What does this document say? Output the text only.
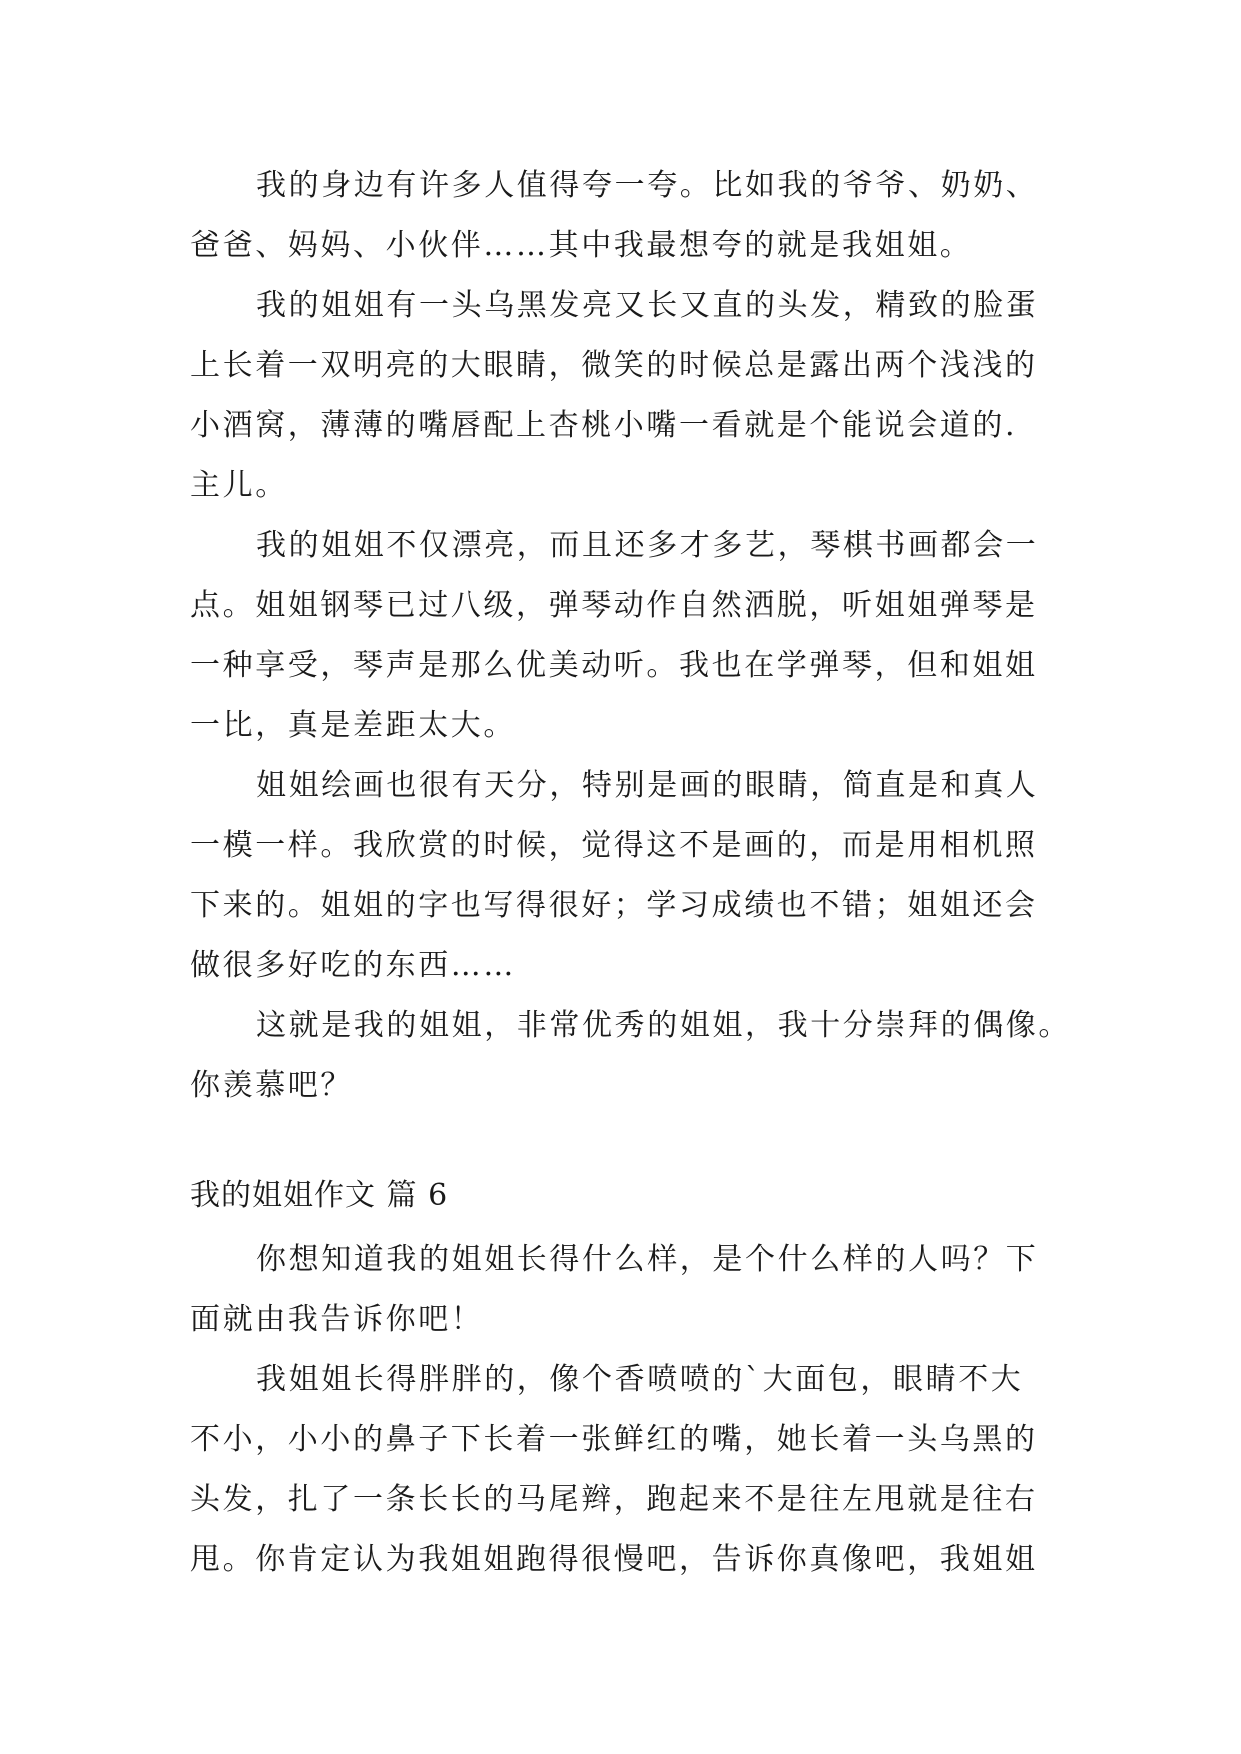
我的身边有许多人值得夸一夸。比如我的爷爷、奶奶、
爸爸、妈妈、小伙伴……其中我最想夸的就是我姐姐。
我的姐姐有一头乌黑发亮又长又直的头发，精致的脸蛋
上长着一双明亮的大眼睛，微笑的时候总是露出两个浅浅的
小酒窝，薄薄的嘴唇配上杏桃小嘴一看就是个能说会道的.
主儿。
我的姐姐不仅漂亮，而且还多才多艺，琴棋书画都会一
点。姐姐钢琴已过八级，弹琴动作自然洒脱，听姐姐弹琴是
一种享受，琴声是那么优美动听。我也在学弹琴，但和姐姐
一比，真是差距太大。
姐姐绘画也很有天分，特别是画的眼睛，简直是和真人
一模一样。我欣赏的时候，觉得这不是画的，而是用相机照
下来的。姐姐的字也写得很好；学习成绩也不错；姐姐还会
做很多好吃的东西……
这就是我的姐姐，非常优秀的姐姐，我十分崇拜的偶像。
你羡慕吧？
我的姐姐作文 篇 6
你想知道我的姐姐长得什么样，是个什么样的人吗？下
面就由我告诉你吧！
我姐姐长得胖胖的，像个香喷喷的`大面包，眼睛不大
不小，小小的鼻子下长着一张鲜红的嘴，她长着一头乌黑的
头发，扎了一条长长的马尾辫，跑起来不是往左甩就是往右
甩。你肯定认为我姐姐跑得很慢吧，告诉你真像吧，我姐姐
